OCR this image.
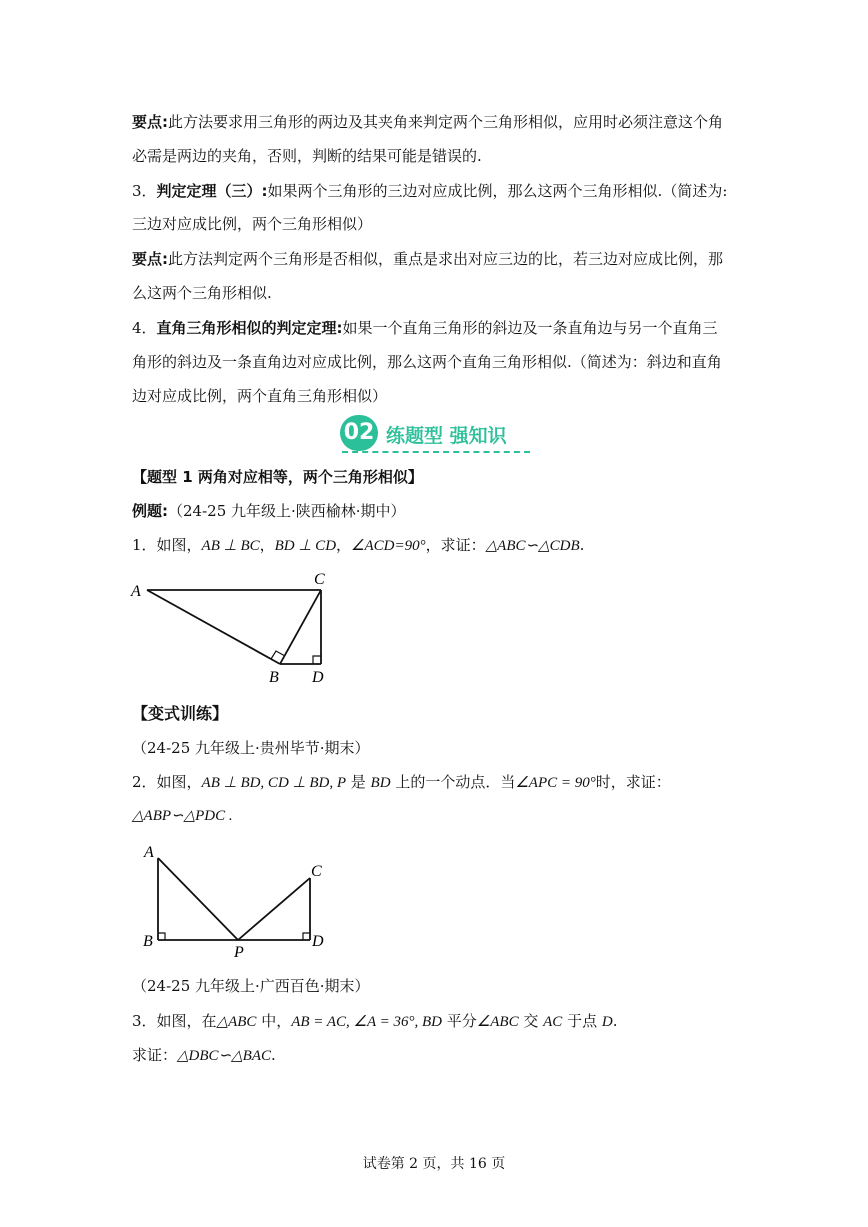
要点:此方法要求用三角形的两边及其夹角来判定两个三角形相似，应用时必须注意这个角
必需是两边的夹角，否则，判断的结果可能是错误的.
3．判定定理（三）:如果两个三角形的三边对应成比例，那么这两个三角形相似.（简述为:
三边对应成比例，两个三角形相似）
要点:此方法判定两个三角形是否相似，重点是求出对应三边的比，若三边对应成比例，那
么这两个三角形相似.
4．直角三角形相似的判定定理:如果一个直角三角形的斜边及一条直角边与另一个直角三
角形的斜边及一条直角边对应成比例，那么这两个直角三角形相似.（简述为：斜边和直角
边对应成比例，两个直角三角形相似）
02 练题型 强知识
【题型 1 两角对应相等，两个三角形相似】
例题:（24-25 九年级上·陕西榆林·期中）
1．如图，AB ⊥ BC，BD ⊥ CD，∠ACD=90°，求证：△ABC∽△CDB.
A
C
B D
【变式训练】
（24-25 九年级上·贵州毕节·期末）
2．如图，AB ⊥ BD, CD ⊥ BD, P 是 BD 上的一个动点．当∠APC = 90°时，求证：
△ABP∽△PDC .
A
B
C
D
P
（24-25 九年级上·广西百色·期末）
3．如图，在△ABC 中，AB = AC, ∠A = 36°, BD 平分∠ABC 交 AC 于点 D.
求证：△DBC∽△BAC.
试卷第 2 页，共 16 页
